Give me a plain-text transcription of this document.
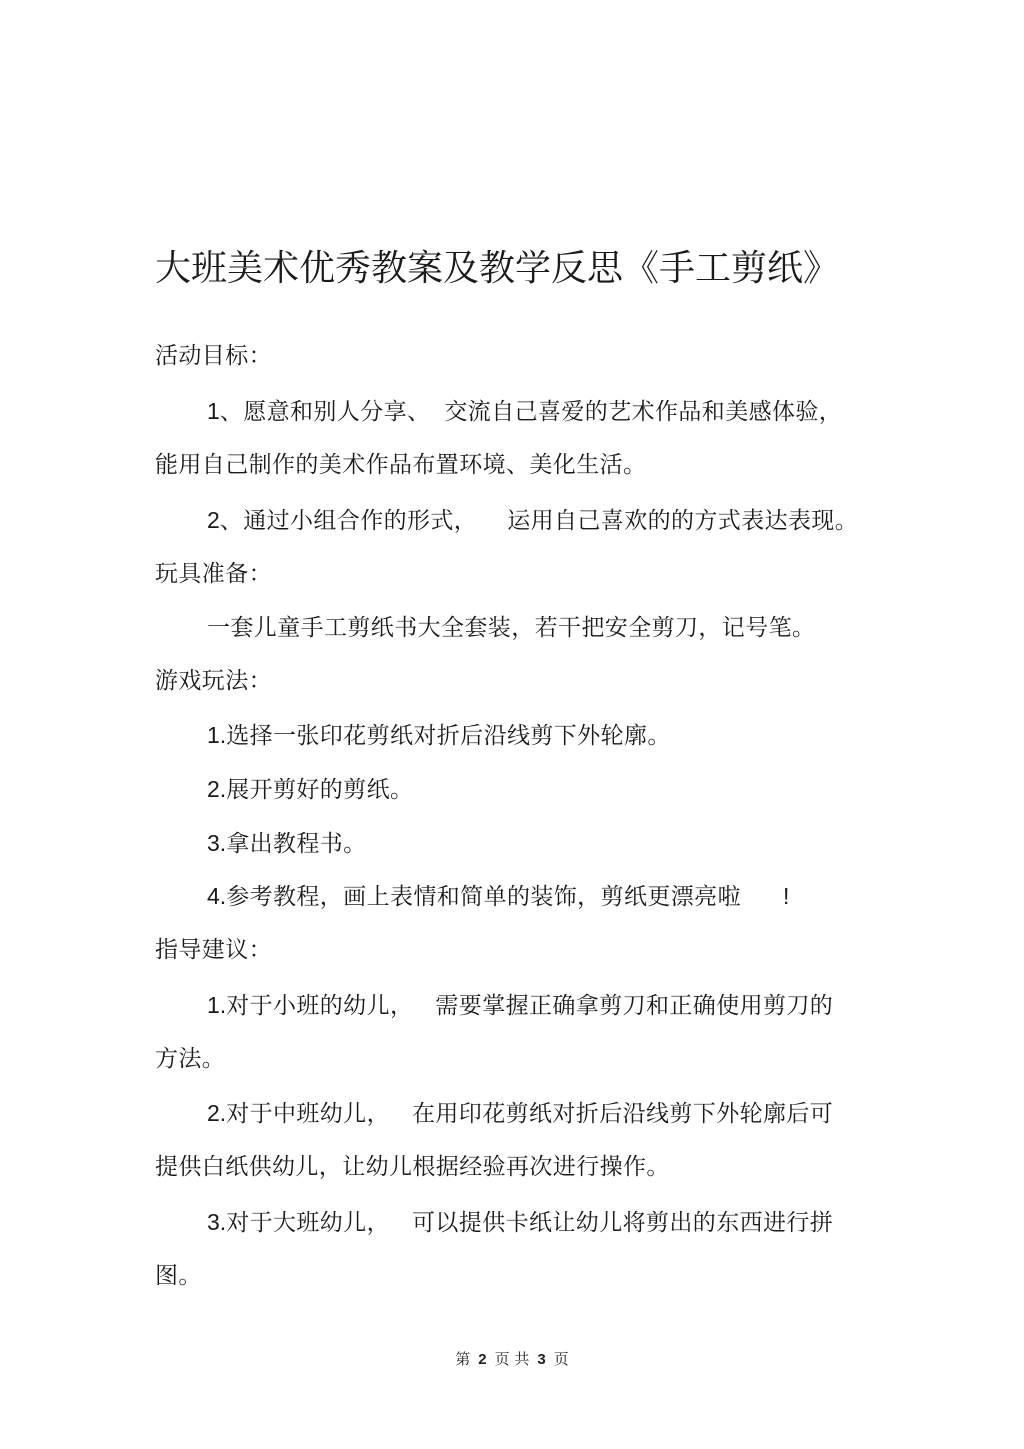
大班美术优秀教案及教学反思《手工剪纸》
活动目标：
1、愿意和别人分享、 交流自己喜爱的艺术作品和美感体验，
能用自己制作的美术作品布置环境、美化生活。
2、通过小组合作的形式， 运用自己喜欢的的方式表达表现。
玩具准备：
一套儿童手工剪纸书大全套装，若干把安全剪刀，记号笔。
游戏玩法：
1.选择一张印花剪纸对折后沿线剪下外轮廓。
2.展开剪好的剪纸。
3.拿出教程书。
4.参考教程，画上表情和简单的装饰，剪纸更漂亮啦 !
指导建议：
1.对于小班的幼儿， 需要掌握正确拿剪刀和正确使用剪刀的
方法。
2.对于中班幼儿， 在用印花剪纸对折后沿线剪下外轮廓后可
提供白纸供幼儿，让幼儿根据经验再次进行操作。
3.对于大班幼儿， 可以提供卡纸让幼儿将剪出的东西进行拼
图。
第 2 页 共 3 页
